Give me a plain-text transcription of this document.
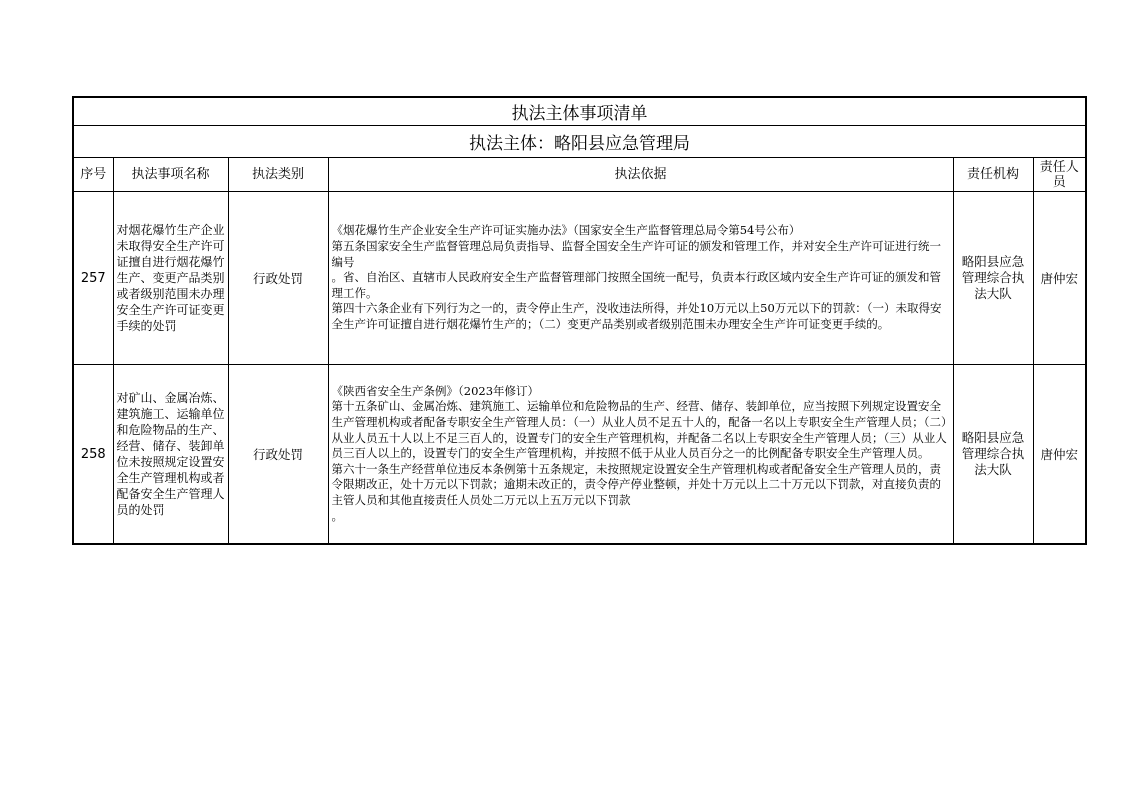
执法主体事项清单					
执法主体：略阳县应急管理局					
序号	执法事项名称	执法类别	执法依据	责任机构	责任人员
257	对烟花爆竹生产企业未取得安全生产许可证擅自进行烟花爆竹生产、变更产品类别或者级别范围未办理安全生产许可证变更手续的处罚	行政处罚	《烟花爆竹生产企业安全生产许可证实施办法》（国家安全生产监督管理总局令第54号公布）
第五条国家安全生产监督管理总局负责指导、监督全国安全生产许可证的颁发和管理工作，并对安全生产许可证进行统一编号
。省、自治区、直辖市人民政府安全生产监督管理部门按照全国统一配号，负责本行政区域内安全生产许可证的颁发和管理工作。
第四十六条企业有下列行为之一的，责令停止生产，没收违法所得，并处10万元以上50万元以下的罚款：（一）未取得安全生产许可证擅自进行烟花爆竹生产的；（二）变更产品类别或者级别范围未办理安全生产许可证变更手续的。	略阳县应急管理综合执法大队	唐仲宏
258	对矿山、金属冶炼、建筑施工、运输单位和危险物品的生产、经营、储存、装卸单位未按照规定设置安全生产管理机构或者配备安全生产管理人员的处罚	行政处罚	《陕西省安全生产条例》（2023年修订）
第十五条矿山、金属冶炼、建筑施工、运输单位和危险物品的生产、经营、储存、装卸单位，应当按照下列规定设置安全生产管理机构或者配备专职安全生产管理人员：（一）从业人员不足五十人的，配备一名以上专职安全生产管理人员；（二）从业人员五十人以上不足三百人的，设置专门的安全生产管理机构，并配备二名以上专职安全生产管理人员；（三）从业人员三百人以上的，设置专门的安全生产管理机构，并按照不低于从业人员百分之一的比例配备专职安全生产管理人员。
第六十一条生产经营单位违反本条例第十五条规定，未按照规定设置安全生产管理机构或者配备安全生产管理人员的，责令限期改正，处十万元以下罚款；逾期未改正的，责令停产停业整顿，并处十万元以上二十万元以下罚款，对直接负责的主管人员和其他直接责任人员处二万元以上五万元以下罚款
。	略阳县应急管理综合执法大队	唐仲宏
